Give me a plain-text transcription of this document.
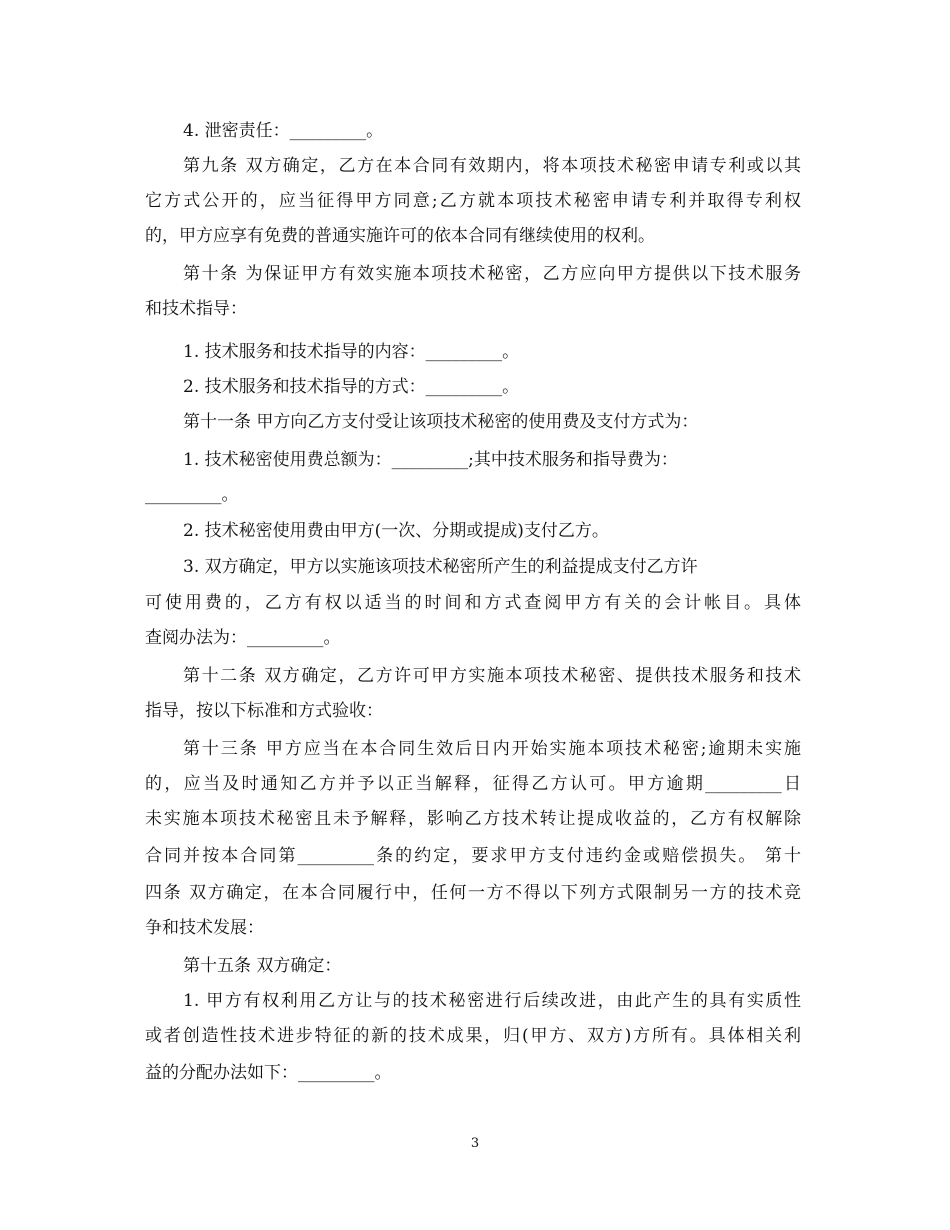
4. 泄密责任：_________。
第九条 双方确定，乙方在本合同有效期内，将本项技术秘密申请专利或以其
它方式公开的，应当征得甲方同意;乙方就本项技术秘密申请专利并取得专利权
的，甲方应享有免费的普通实施许可的依本合同有继续使用的权利。
第十条 为保证甲方有效实施本项技术秘密，乙方应向甲方提供以下技术服务
和技术指导：
1. 技术服务和技术指导的内容：_________。
2. 技术服务和技术指导的方式：_________。
第十一条 甲方向乙方支付受让该项技术秘密的使用费及支付方式为：
1. 技术秘密使用费总额为：_________;其中技术服务和指导费为：
_________。
2. 技术秘密使用费由甲方(一次、分期或提成)支付乙方。
3. 双方确定，甲方以实施该项技术秘密所产生的利益提成支付乙方许
可使用费的，乙方有权以适当的时间和方式查阅甲方有关的会计帐目。具体
查阅办法为：_________。
第十二条 双方确定，乙方许可甲方实施本项技术秘密、提供技术服务和技术
指导，按以下标准和方式验收：
第十三条 甲方应当在本合同生效后日内开始实施本项技术秘密;逾期未实施
的，应当及时通知乙方并予以正当解释，征得乙方认可。甲方逾期_________日
未实施本项技术秘密且未予解释，影响乙方技术转让提成收益的，乙方有权解除
合同并按本合同第_________条的约定，要求甲方支付违约金或赔偿损失。 第十
四条 双方确定，在本合同履行中，任何一方不得以下列方式限制另一方的技术竞
争和技术发展：
第十五条 双方确定：
1. 甲方有权利用乙方让与的技术秘密进行后续改进，由此产生的具有实质性
或者创造性技术进步特征的新的技术成果，归(甲方、双方)方所有。具体相关利
益的分配办法如下：_________。
3
